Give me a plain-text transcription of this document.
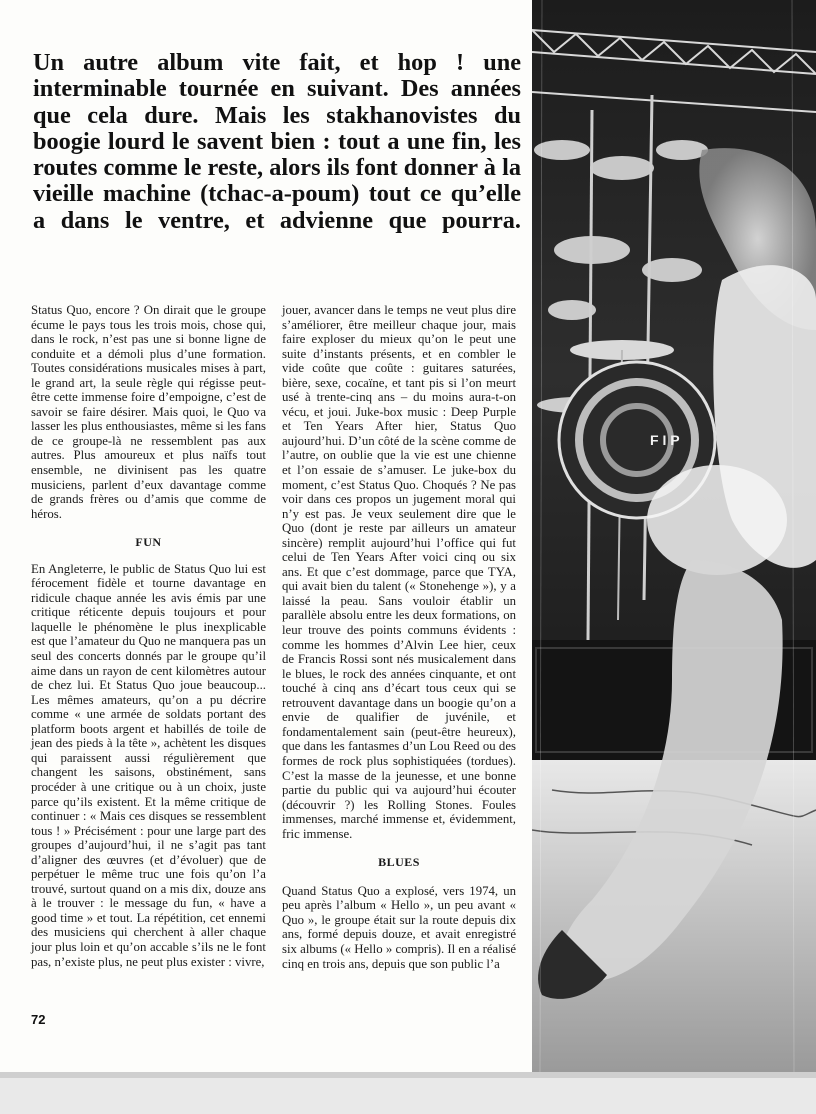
Un autre album vite fait, et hop ! une interminable tournée en suivant. Des années que cela dure. Mais les stakhanovistes du boogie lourd le savent bien : tout a une fin, les routes comme le reste, alors ils font donner à la vieille machine (tchac-a-poum) tout ce qu’elle a dans le ventre, et advienne que pourra.

Status Quo, encore ? On dirait que le groupe écume le pays tous les trois mois, chose qui, dans le rock, n’est pas une si bonne ligne de conduite et a démoli plus d’une formation. Toutes considérations musicales mises à part, le grand art, la seule règle qui régisse peut-être cette immense foire d’empoigne, c’est de savoir se faire désirer. Mais quoi, le Quo va lasser les plus enthousiastes, même si les fans de ce groupe-là ne ressemblent pas aux autres. Plus amoureux et plus naïfs tout ensemble, ne divinisent pas les quatre musiciens, parlent d’eux davantage comme de grands frères ou d’amis que comme de héros.

FUN

En Angleterre, le public de Status Quo lui est férocement fidèle et tourne davantage en ridicule chaque année les avis émis par une critique réticente depuis toujours et pour laquelle le phénomène le plus inexplicable est que l’amateur du Quo ne manquera pas un seul des concerts donnés par le groupe qu’il aime dans un rayon de cent kilomètres autour de chez lui. Et Status Quo joue beaucoup... Les mêmes amateurs, qu’on a pu décrire comme « une armée de soldats portant des platform boots argent et habillés de toile de jean des pieds à la tête », achètent les disques qui paraissent aussi régulièrement que changent les saisons, obstinément, sans procéder à une critique ou à un choix, juste parce qu’ils existent. Et la même critique de continuer : « Mais ces disques se ressemblent tous ! » Précisément : pour une large part des groupes d’aujourd’hui, il ne s’agit pas tant d’aligner des œuvres (et d’évoluer) que de perpétuer le même truc une fois qu’on l’a trouvé, surtout quand on a mis dix, douze ans à le trouver : le message du fun, « have a good time » et tout. La répétition, cet ennemi des musiciens qui cherchent à aller chaque jour plus loin et qu’on accable s’ils ne le font pas, n’existe plus, ne peut plus exister : vivre,

jouer, avancer dans le temps ne veut plus dire s’améliorer, être meilleur chaque jour, mais faire exploser du mieux qu’on le peut une suite d’instants présents, et en combler le vide coûte que coûte : guitares saturées, bière, sexe, cocaïne, et tant pis si l’on meurt usé à trente-cinq ans – du moins aura-t-on vécu, et joui. Juke-box music : Deep Purple et Ten Years After hier, Status Quo aujourd’hui. D’un côté de la scène comme de l’autre, on oublie que la vie est une chienne et l’on essaie de s’amuser. Le juke-box du moment, c’est Status Quo. Choqués ? Ne pas voir dans ces propos un jugement moral qui n’y est pas. Je veux seulement dire que le Quo (dont je reste par ailleurs un amateur sincère) remplit aujourd’hui l’office qui fut celui de Ten Years After voici cinq ou six ans. Et que c’est dommage, parce que TYA, qui avait bien du talent (« Stonehenge »), y a laissé la peau. Sans vouloir établir un parallèle absolu entre les deux formations, on leur trouve des points communs évidents : comme les hommes d’Alvin Lee hier, ceux de Francis Rossi sont nés musicalement dans le blues, le rock des années cinquante, et ont touché à cinq ans d’écart tous ceux qui se retrouvent davantage dans un boogie qu’on a envie de qualifier de juvénile, et fondamentalement sain (peut-être heureux), que dans les fantasmes d’un Lou Reed ou des formes de rock plus sophistiquées (tordues). C’est la masse de la jeunesse, et une bonne partie du public qui va aujourd’hui écouter (découvrir ?) les Rolling Stones. Foules immenses, marché immense et, évidemment, fric immense.

BLUES

Quand Status Quo a explosé, vers 1974, un peu après l’album « Hello », un peu avant « Quo », le groupe était sur la route depuis dix ans, formé depuis douze, et avait enregistré six albums (« Hello » compris). Il en a réalisé cinq en trois ans, depuis que son public l’a

72
F I P
